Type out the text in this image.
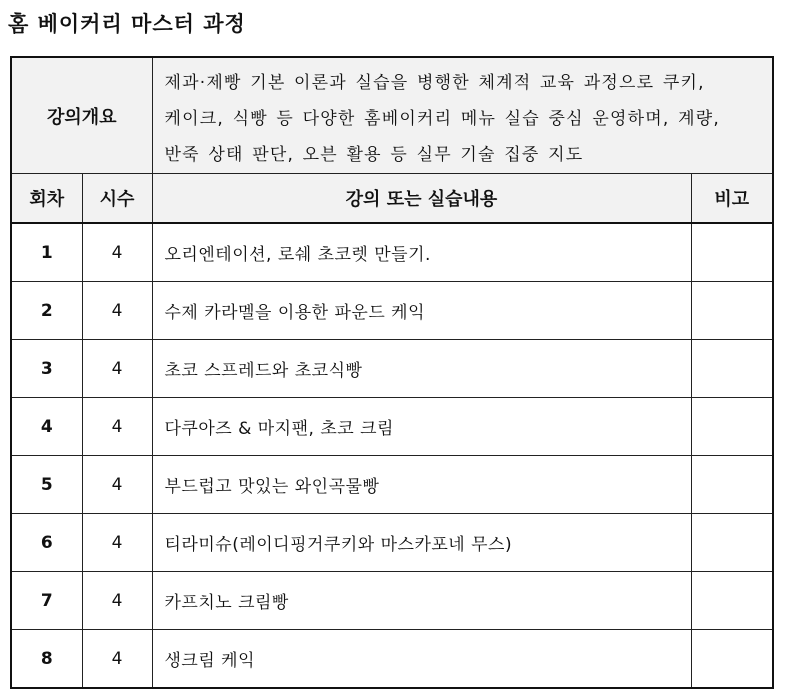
홈 베이커리 마스터 과정
강의개요		제과·제빵 기본 이론과 실습을 병행한 체계적 교육 과정으로 쿠키,
케이크, 식빵 등 다양한 홈베이커리 메뉴 실습 중심 운영하며, 계량,
반죽 상태 판단, 오븐 활용 등 실무 기술 집중 지도	

회차	시수	강의 또는 실습내용	비고
1	4	오리엔테이션, 로쉐 초코렛 만들기.	
2	4	수제 카라멜을 이용한 파운드 케익	
3	4	초코 스프레드와 초코식빵	
4	4	다쿠아즈 & 마지팬, 초코 크림	
5	4	부드럽고 맛있는 와인곡물빵	
6	4	티라미슈(레이디핑거쿠키와 마스카포네 무스)	
7	4	카프치노 크림빵	
8	4	생크림 케익	
